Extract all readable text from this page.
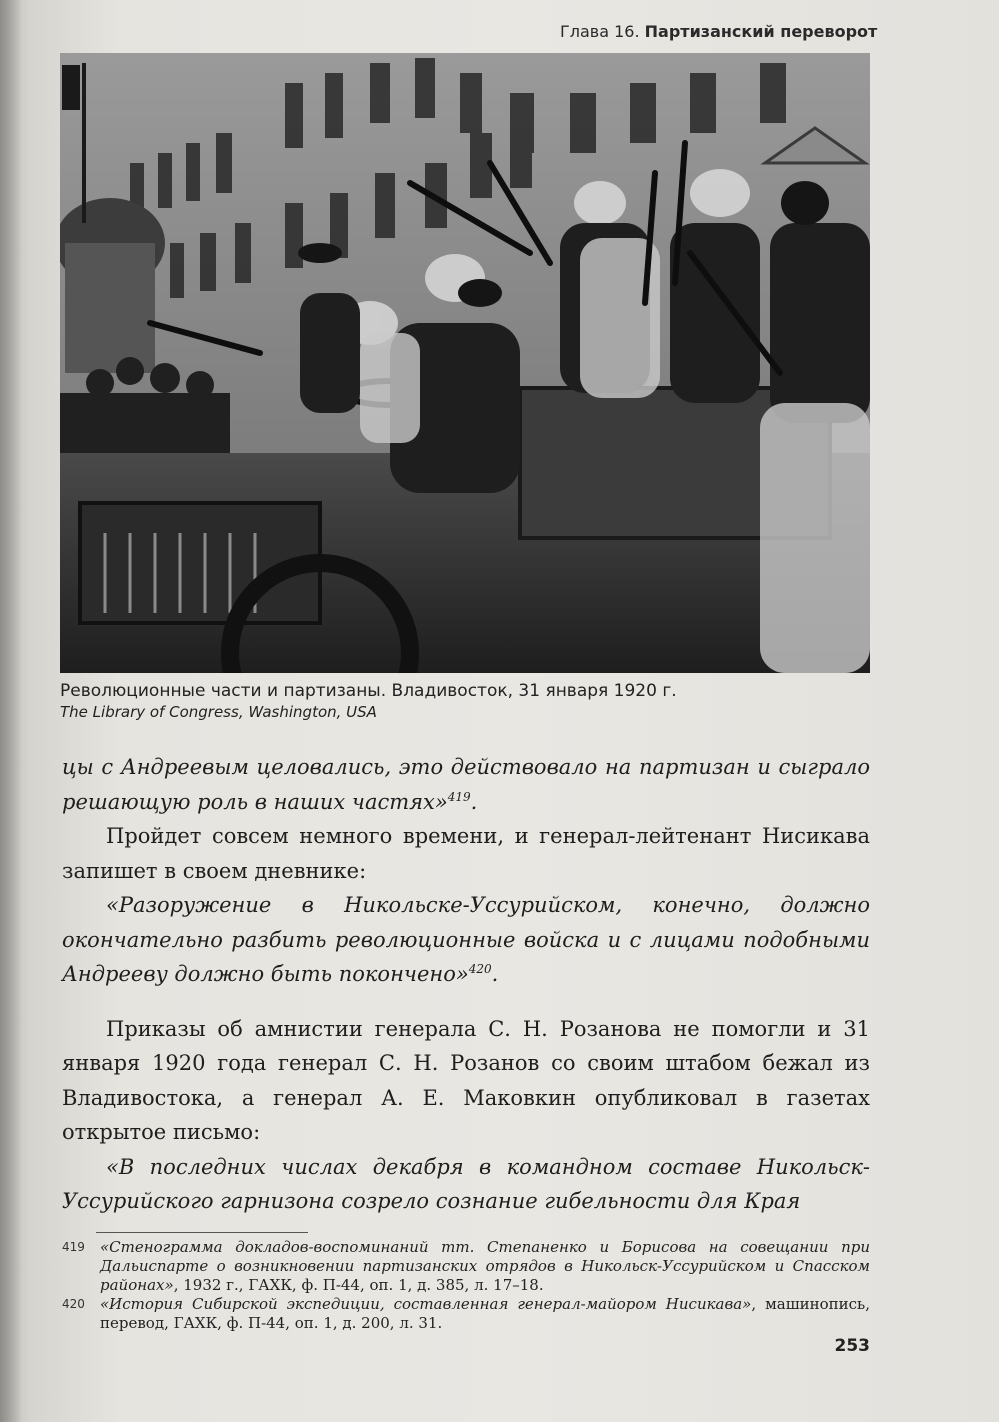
Глава 16. Партизанский переворот
Революционные части и партизаны. Владивосток, 31 января 1920 г.
The Library of Congress, Washington, USA

цы с Андреевым целовались, это действовало на партизан и сыграло решающую роль в наших частях»$^{419}$.

Пройдет совсем немного времени, и генерал-лейтенант Нисикава запишет в своем дневнике:

«Разоружение в Никольске-Уссурийском, конечно, должно окончательно разбить революционные войска и с лицами подобными Андрееву должно быть покончено»$^{420}$.

Приказы об амнистии генерала С. Н. Розанова не помогли и 31 января 1920 года генерал С. Н. Розанов со своим штабом бежал из Владивостока, а генерал А. Е. Маковкин опубликовал в газетах открытое письмо:

«В последних числах декабря в командном составе Никольск-Уссурийского гарнизона созрело сознание гибельности для Края

419 «Стенограмма докладов-воспоминаний тт. Степаненко и Борисова на совещании при Дальиспарте о возникновении партизанских отрядов в Никольск-Уссурийском и Спасском районах», 1932 г., ГАХК, ф. П-44, оп. 1, д. 385, л. 17–18.
420 «История Сибирской экспедиции, составленная генерал-майором Нисикава», машинопись, перевод, ГАХК, ф. П-44, оп. 1, д. 200, л. 31.
253
